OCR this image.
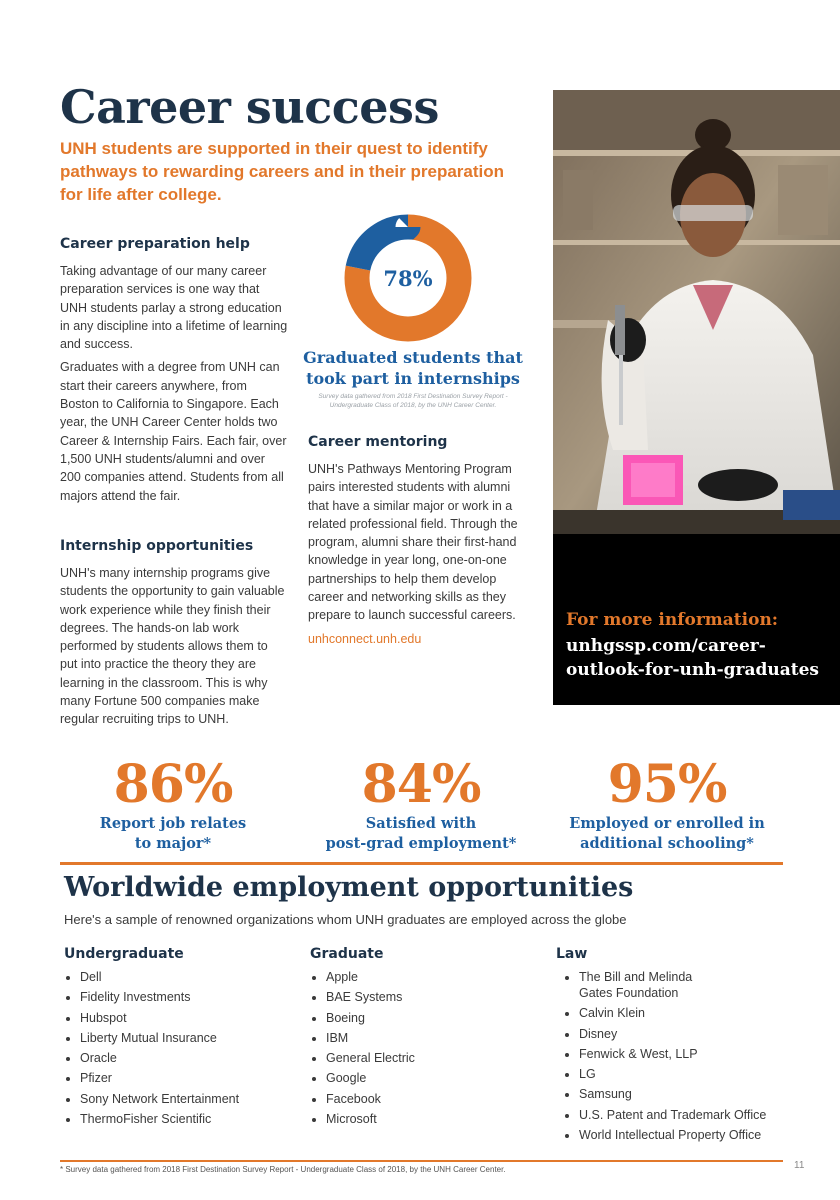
Career success
UNH students are supported in their quest to identify pathways to rewarding careers and in their preparation for life after college.
Career preparation help

Taking advantage of our many career preparation services is one way that UNH students parlay a strong education in any discipline into a lifetime of learning and success.

Graduates with a degree from UNH can start their careers anywhere, from Boston to California to Singapore. Each year, the UNH Career Center holds two Career & Internship Fairs. Each fair, over 1,500 UNH students/alumni and over 200 companies attend. Students from all majors attend the fair.

Internship opportunities

UNH's many internship programs give students the opportunity to gain valuable work experience while they finish their degrees. The hands-on lab work performed by students allows them to put into practice the theory they are learning in the classroom. This is why many Fortune 500 companies make regular recruiting trips to UNH.

78%
Graduated students that took part in internships
Survey data gathered from 2018 First Destination Survey Report - Undergraduate Class of 2018, by the UNH Career Center.
Career mentoring

UNH's Pathways Mentoring Program pairs interested students with alumni that have a similar major or work in a related professional field. Through the program, alumni share their first-hand knowledge in year long, one-on-one partnerships to help them develop career and networking skills as they prepare to launch successful careers.

unhconnect.unh.edu
For more information:
unhgssp.com/career-outlook-for-unh-graduates
86%
Report job relates
to major*
84%
Satisfied with
post-grad employment*
95%
Employed or enrolled in
additional schooling*
Worldwide employment opportunities
Here's a sample of renowned organizations whom UNH graduates are employed across the globe
Undergraduate
• Dell
• Fidelity Investments
• Hubspot
• Liberty Mutual Insurance
• Oracle
• Pfizer
• Sony Network Entertainment
• ThermoFisher Scientific
Graduate
• Apple
• BAE Systems
• Boeing
• IBM
• General Electric
• Google
• Facebook
• Microsoft
Law
• The Bill and Melinda Gates Foundation
• Calvin Klein
• Disney
• Fenwick & West, LLP
• LG
• Samsung
• U.S. Patent and Trademark Office
• World Intellectual Property Office
* Survey data gathered from 2018 First Destination Survey Report - Undergraduate Class of 2018, by the UNH Career Center.	11
